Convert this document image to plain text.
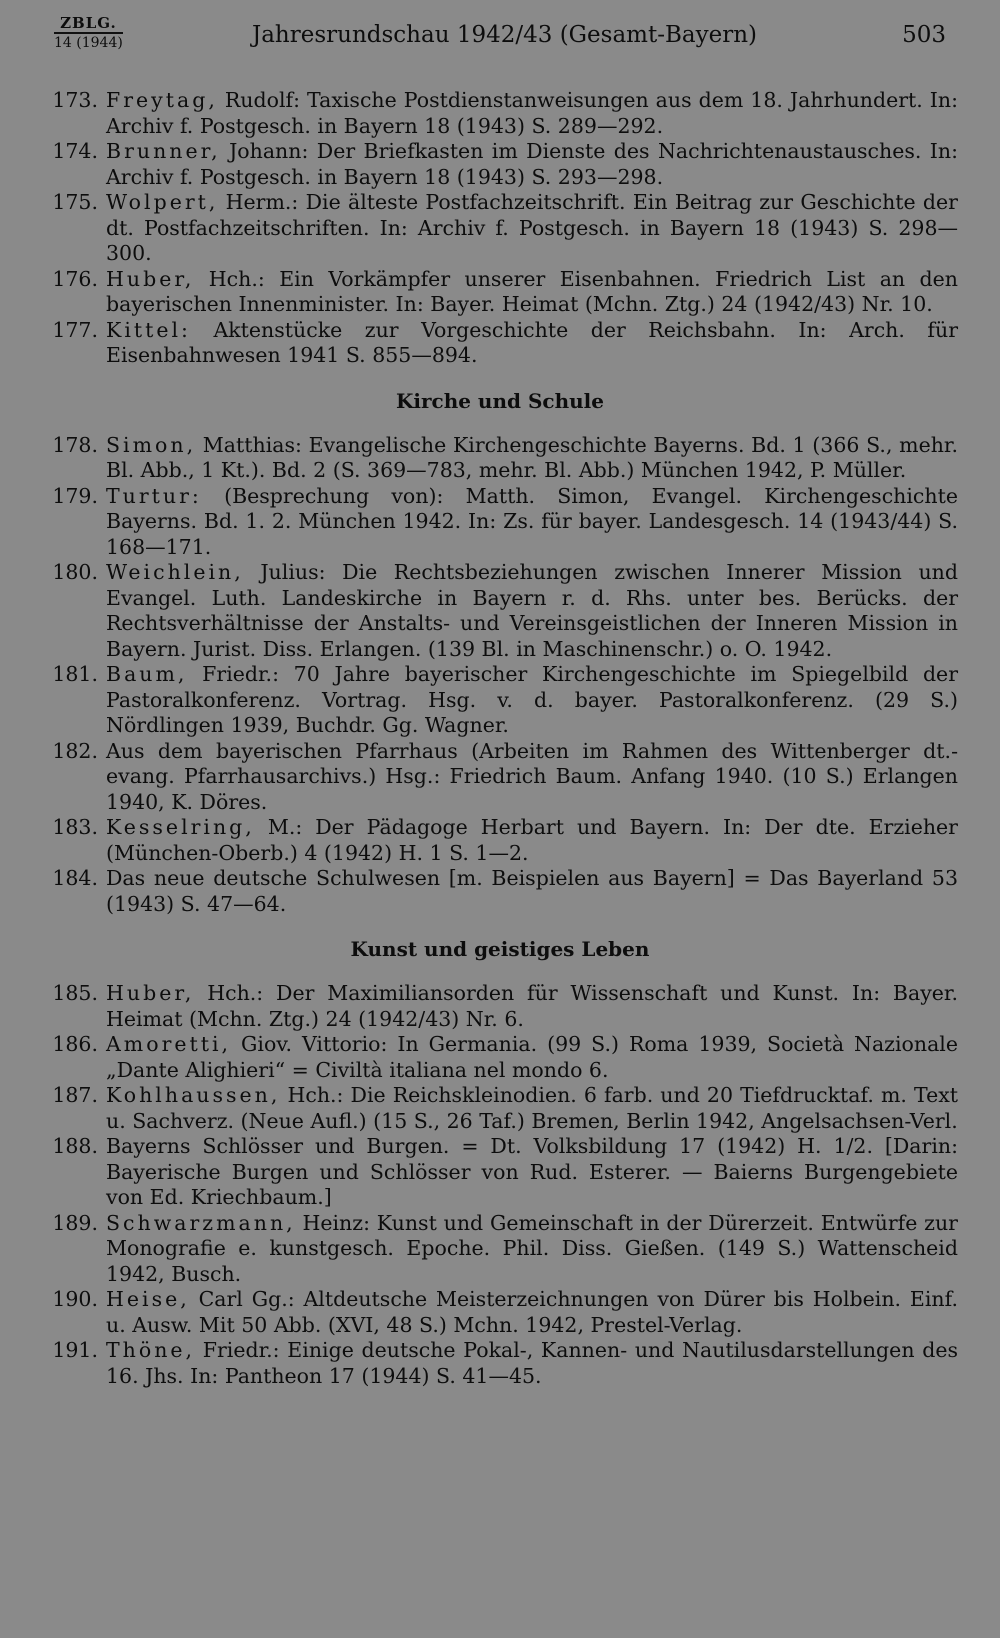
ZBLG.
14 (1944)	Jahresrundschau 1942/43 (Gesamt-Bayern)	503
173. Freytag, Rudolf: Taxische Postdienstanweisungen aus dem 18. Jahrhundert. In: Archiv f. Postgesch. in Bayern 18 (1943) S. 289—292.
174. Brunner, Johann: Der Briefkasten im Dienste des Nachrichtenaustausches. In: Archiv f. Postgesch. in Bayern 18 (1943) S. 293—298.
175. Wolpert, Herm.: Die älteste Postfachzeitschrift. Ein Beitrag zur Geschichte der dt. Postfachzeitschriften. In: Archiv f. Postgesch. in Bayern 18 (1943) S. 298—300.
176. Huber, Hch.: Ein Vorkämpfer unserer Eisenbahnen. Friedrich List an den bayerischen Innenminister. In: Bayer. Heimat (Mchn. Ztg.) 24 (1942/43) Nr. 10.
177. Kittel: Aktenstücke zur Vorgeschichte der Reichsbahn. In: Arch. für Eisenbahnwesen 1941 S. 855—894.
Kirche und Schule
178. Simon, Matthias: Evangelische Kirchengeschichte Bayerns. Bd. 1 (366 S., mehr. Bl. Abb., 1 Kt.). Bd. 2 (S. 369—783, mehr. Bl. Abb.) München 1942, P. Müller.
179. Turtur: (Besprechung von): Matth. Simon, Evangel. Kirchengeschichte Bayerns. Bd. 1. 2. München 1942. In: Zs. für bayer. Landesgesch. 14 (1943/44) S. 168—171.
180. Weichlein, Julius: Die Rechtsbeziehungen zwischen Innerer Mission und Evangel. Luth. Landeskirche in Bayern r. d. Rhs. unter bes. Berücks. der Rechtsverhältnisse der Anstalts- und Vereinsgeistlichen der Inneren Mission in Bayern. Jurist. Diss. Erlangen. (139 Bl. in Maschinenschr.) o. O. 1942.
181. Baum, Friedr.: 70 Jahre bayerischer Kirchengeschichte im Spiegelbild der Pastoralkonferenz. Vortrag. Hsg. v. d. bayer. Pastoralkonferenz. (29 S.) Nördlingen 1939, Buchdr. Gg. Wagner.
182. Aus dem bayerischen Pfarrhaus (Arbeiten im Rahmen des Wittenberger dt.-evang. Pfarrhausarchivs.) Hsg.: Friedrich Baum. Anfang 1940. (10 S.) Erlangen 1940, K. Döres.
183. Kesselring, M.: Der Pädagoge Herbart und Bayern. In: Der dte. Erzieher (München-Oberb.) 4 (1942) H. 1 S. 1—2.
184. Das neue deutsche Schulwesen [m. Beispielen aus Bayern] = Das Bayerland 53 (1943) S. 47—64.
Kunst und geistiges Leben
185. Huber, Hch.: Der Maximiliansorden für Wissenschaft und Kunst. In: Bayer. Heimat (Mchn. Ztg.) 24 (1942/43) Nr. 6.
186. Amoretti, Giov. Vittorio: In Germania. (99 S.) Roma 1939, Società Nazionale „Dante Alighieri“ = Civiltà italiana nel mondo 6.
187. Kohlhaussen, Hch.: Die Reichskleinodien. 6 farb. und 20 Tiefdrucktaf. m. Text u. Sachverz. (Neue Aufl.) (15 S., 26 Taf.) Bremen, Berlin 1942, Angelsachsen-Verl.
188. Bayerns Schlösser und Burgen. = Dt. Volksbildung 17 (1942) H. 1/2. [Darin: Bayerische Burgen und Schlösser von Rud. Esterer. — Baierns Burgengebiete von Ed. Kriechbaum.]
189. Schwarzmann, Heinz: Kunst und Gemeinschaft in der Dürerzeit. Entwürfe zur Monografie e. kunstgesch. Epoche. Phil. Diss. Gießen. (149 S.) Wattenscheid 1942, Busch.
190. Heise, Carl Gg.: Altdeutsche Meisterzeichnungen von Dürer bis Holbein. Einf. u. Ausw. Mit 50 Abb. (XVI, 48 S.) Mchn. 1942, Prestel-Verlag.
191. Thöne, Friedr.: Einige deutsche Pokal-, Kannen- und Nautilusdarstellungen des 16. Jhs. In: Pantheon 17 (1944) S. 41—45.
